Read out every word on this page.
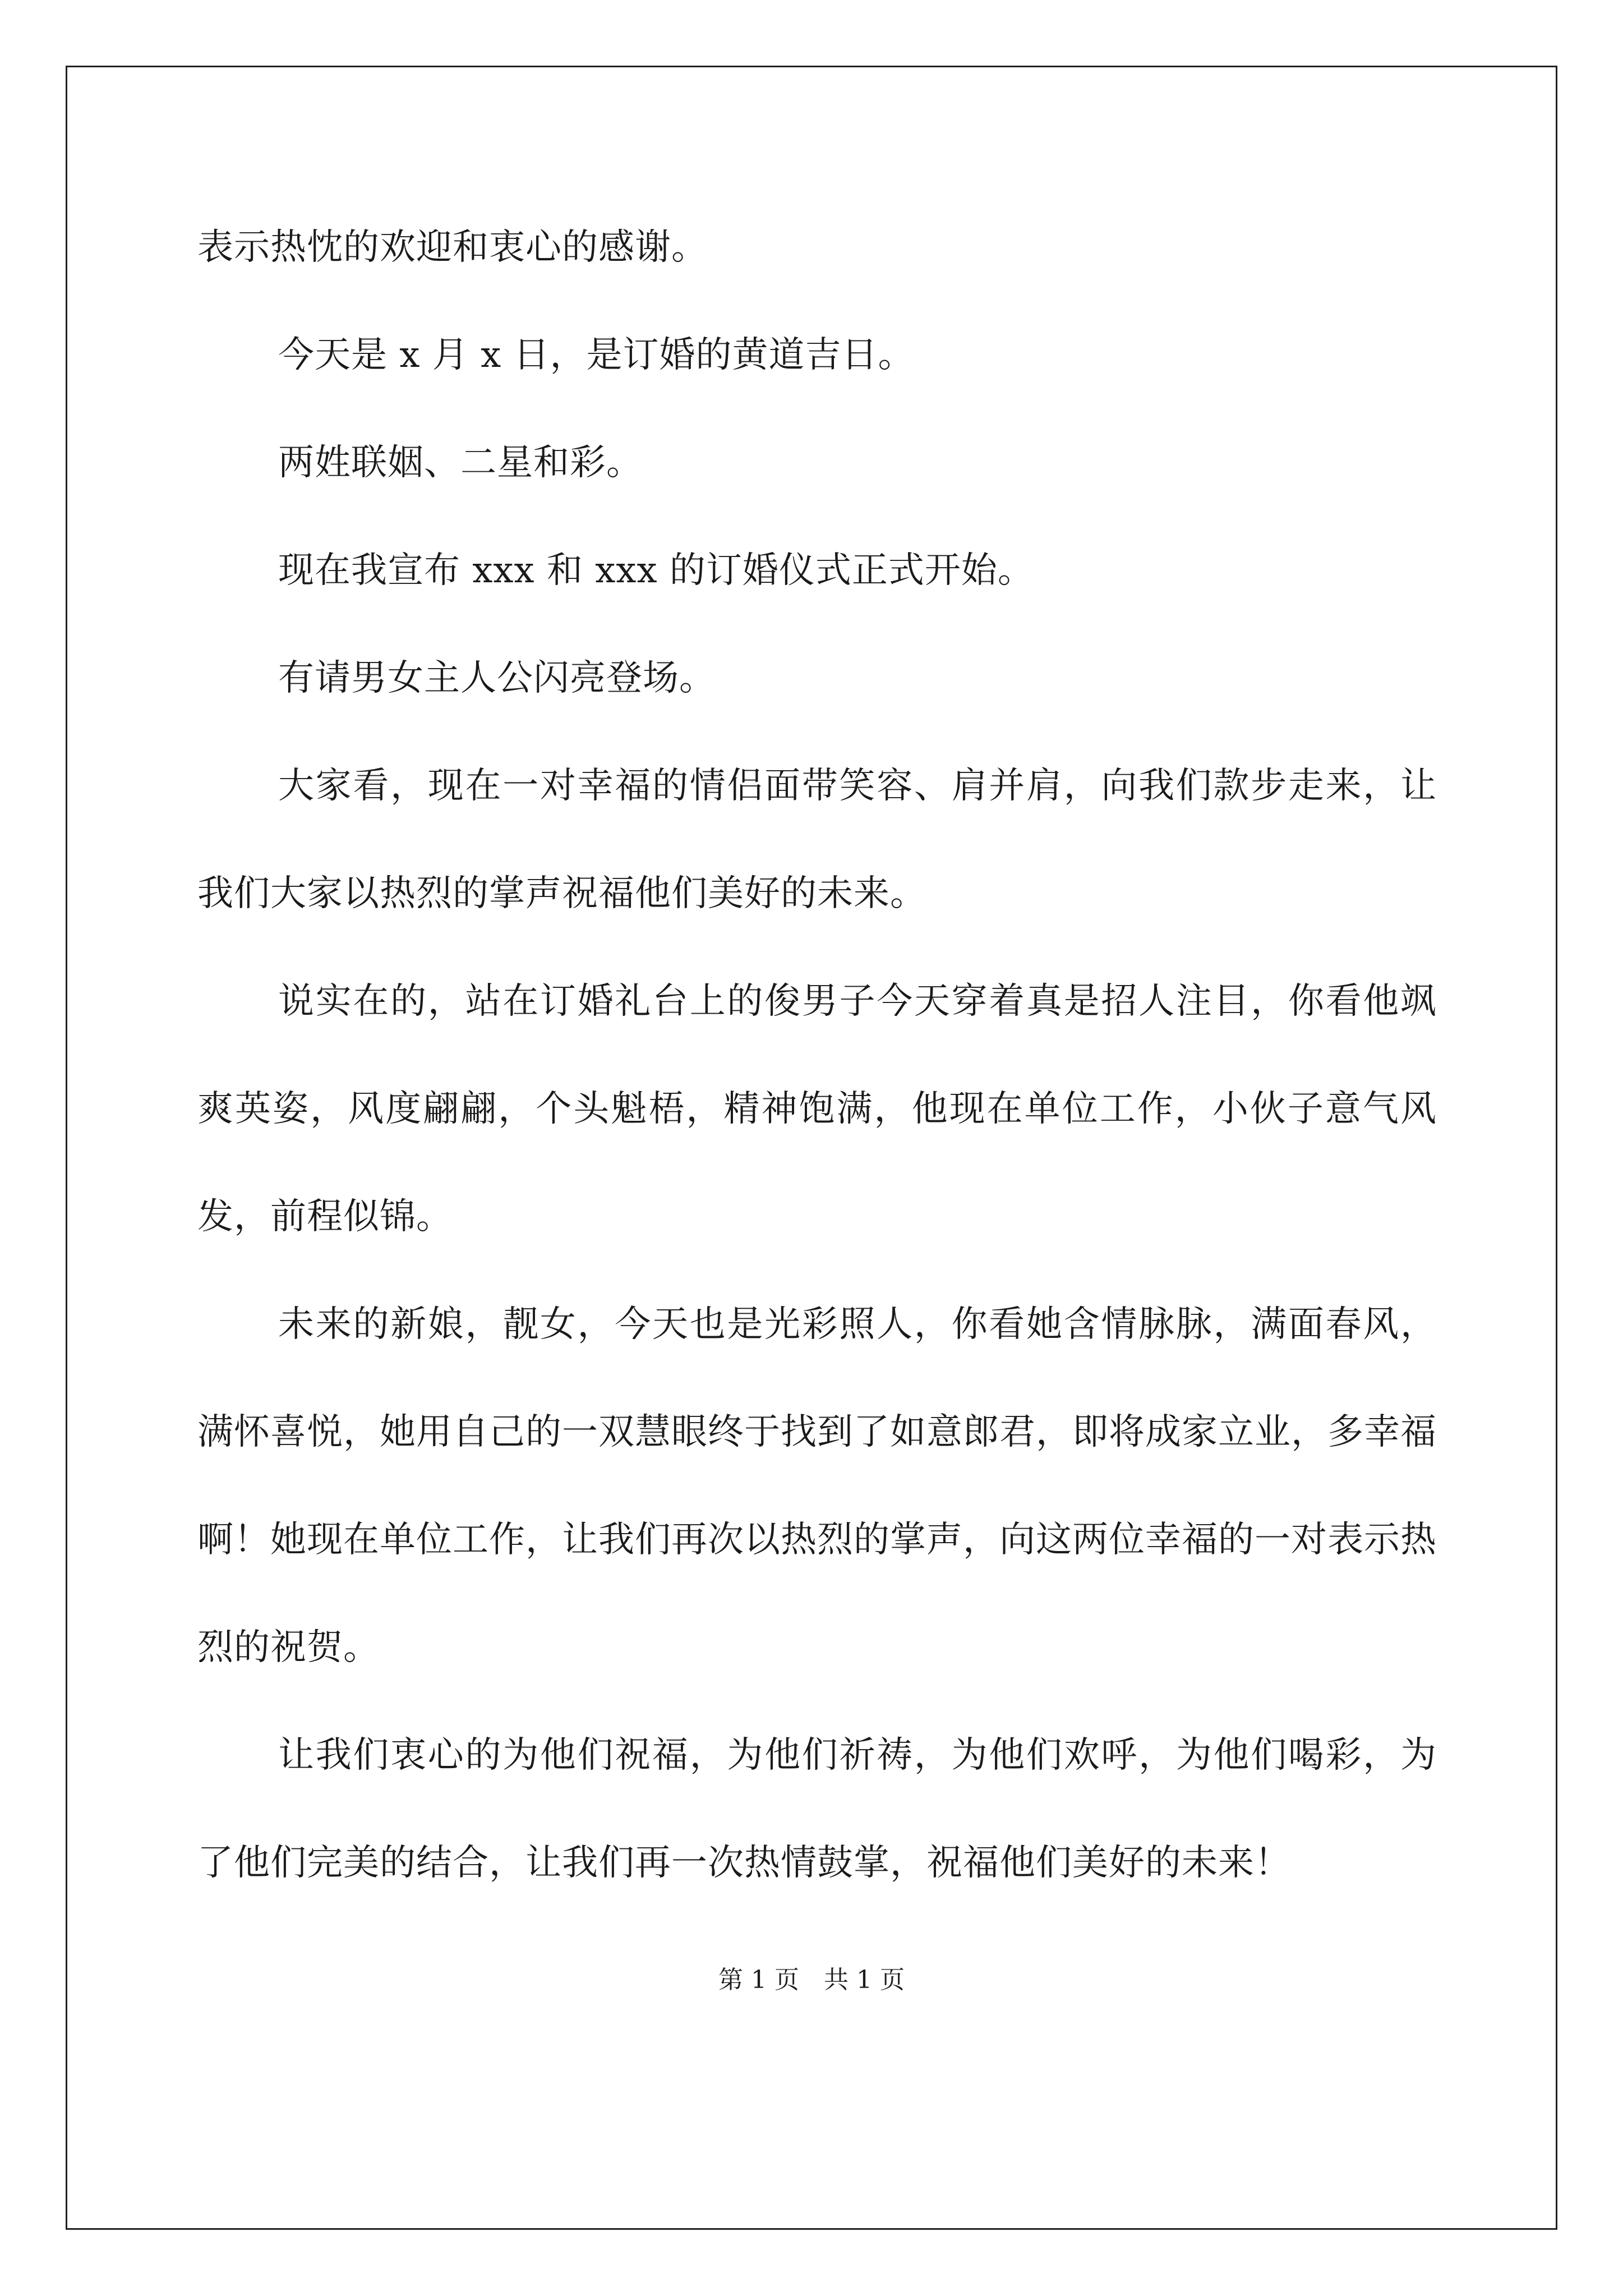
表示热忱的欢迎和衷心的感谢。

今天是 x 月 x 日，是订婚的黄道吉日。

两姓联姻、二星和彩。

现在我宣布 xxx 和 xxx 的订婚仪式正式开始。

有请男女主人公闪亮登场。

大家看，现在一对幸福的情侣面带笑容、肩并肩，向我们款步走来，让我们大家以热烈的掌声祝福他们美好的未来。

说实在的，站在订婚礼台上的俊男子今天穿着真是招人注目，你看他飒爽英姿，风度翩翩，个头魁梧，精神饱满，他现在单位工作，小伙子意气风发，前程似锦。

未来的新娘，靓女，今天也是光彩照人，你看她含情脉脉，满面春风，满怀喜悦，她用自己的一双慧眼终于找到了如意郎君，即将成家立业，多幸福啊！她现在单位工作，让我们再次以热烈的掌声，向这两位幸福的一对表示热烈的祝贺。

让我们衷心的为他们祝福，为他们祈祷，为他们欢呼，为他们喝彩，为了他们完美的结合，让我们再一次热情鼓掌，祝福他们美好的未来！

第 1 页 共 1 页
